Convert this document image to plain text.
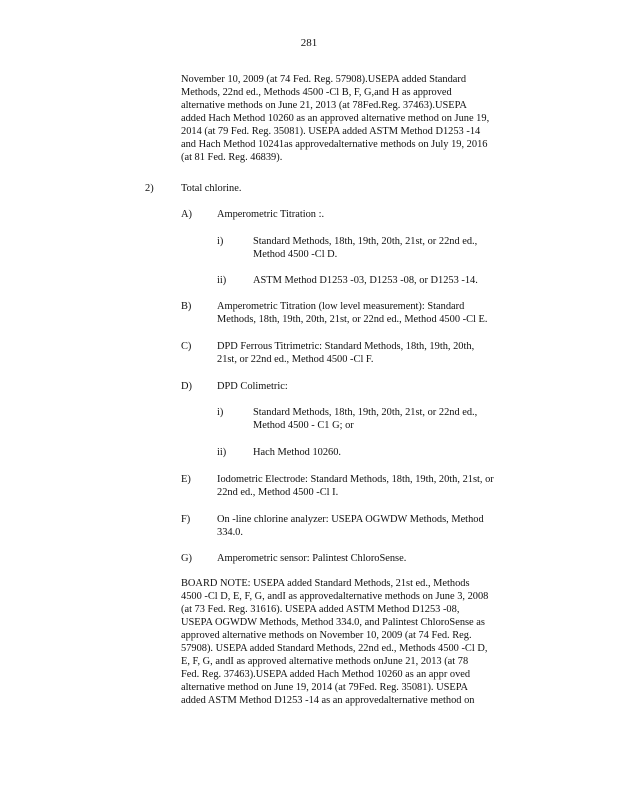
281
November 10, 2009 (at 74 Fed. Reg. 57908).USEPA added Standard
Methods, 22nd ed., Methods 4500 -Cl B, F, G,and H as approved
alternative methods on June 21, 2013 (at 78Fed.Reg. 37463).USEPA
added Hach Method 10260 as an approved alternative method on June 19,
2014 (at 79 Fed. Reg. 35081). USEPA added ASTM Method D1253 -14
and Hach Method 10241as approvedalternative methods on July 19, 2016
(at 81 Fed. Reg. 46839).
2)	Total chlorine.
A) Amperometric Titration :.
i)	Standard Methods, 18th, 19th, 20th, 21st, or 22nd ed.,
Method 4500 -Cl D.
ii)	ASTM Method D1253 -03, D1253 -08, or D1253 -14.
B) Amperometric Titration (low level measurement): Standard
Methods, 18th, 19th, 20th, 21st, or 22nd ed., Method 4500 -Cl E.
C) DPD Ferrous Titrimetric: Standard Methods, 18th, 19th, 20th,
21st, or 22nd ed., Method 4500 -Cl F.
D) DPD Colimetric:
i)	Standard Methods, 18th, 19th, 20th, 21st, or 22nd ed.,
Method 4500 - C1 G; or
ii)	Hach Method 10260.
E)	Iodometric Electrode: Standard Methods, 18th, 19th, 20th, 21st, or
22nd ed., Method 4500 -Cl I.
F)	On -line chlorine analyzer: USEPA OGWDW Methods, Method
334.0.
G) Amperometric sensor: Palintest ChloroSense.
BOARD NOTE: USEPA added Standard Methods, 21st ed., Methods
4500 -Cl D, E, F, G, andI as approvedalternative methods on June 3, 2008
(at 73 Fed. Reg. 31616). USEPA added ASTM Method D1253 -08,
USEPA OGWDW Methods, Method 334.0, and Palintest ChloroSense as
approved alternative methods on November 10, 2009 (at 74 Fed. Reg.
57908). USEPA added Standard Methods, 22nd ed., Methods 4500 -Cl D,
E, F, G, andI as approved alternative methods onJune 21, 2013 (at 78
Fed. Reg. 37463).USEPA added Hach Method 10260 as an appr oved
alternative method on June 19, 2014 (at 79Fed. Reg. 35081). USEPA
added ASTM Method D1253 -14 as an approvedalternative method on
